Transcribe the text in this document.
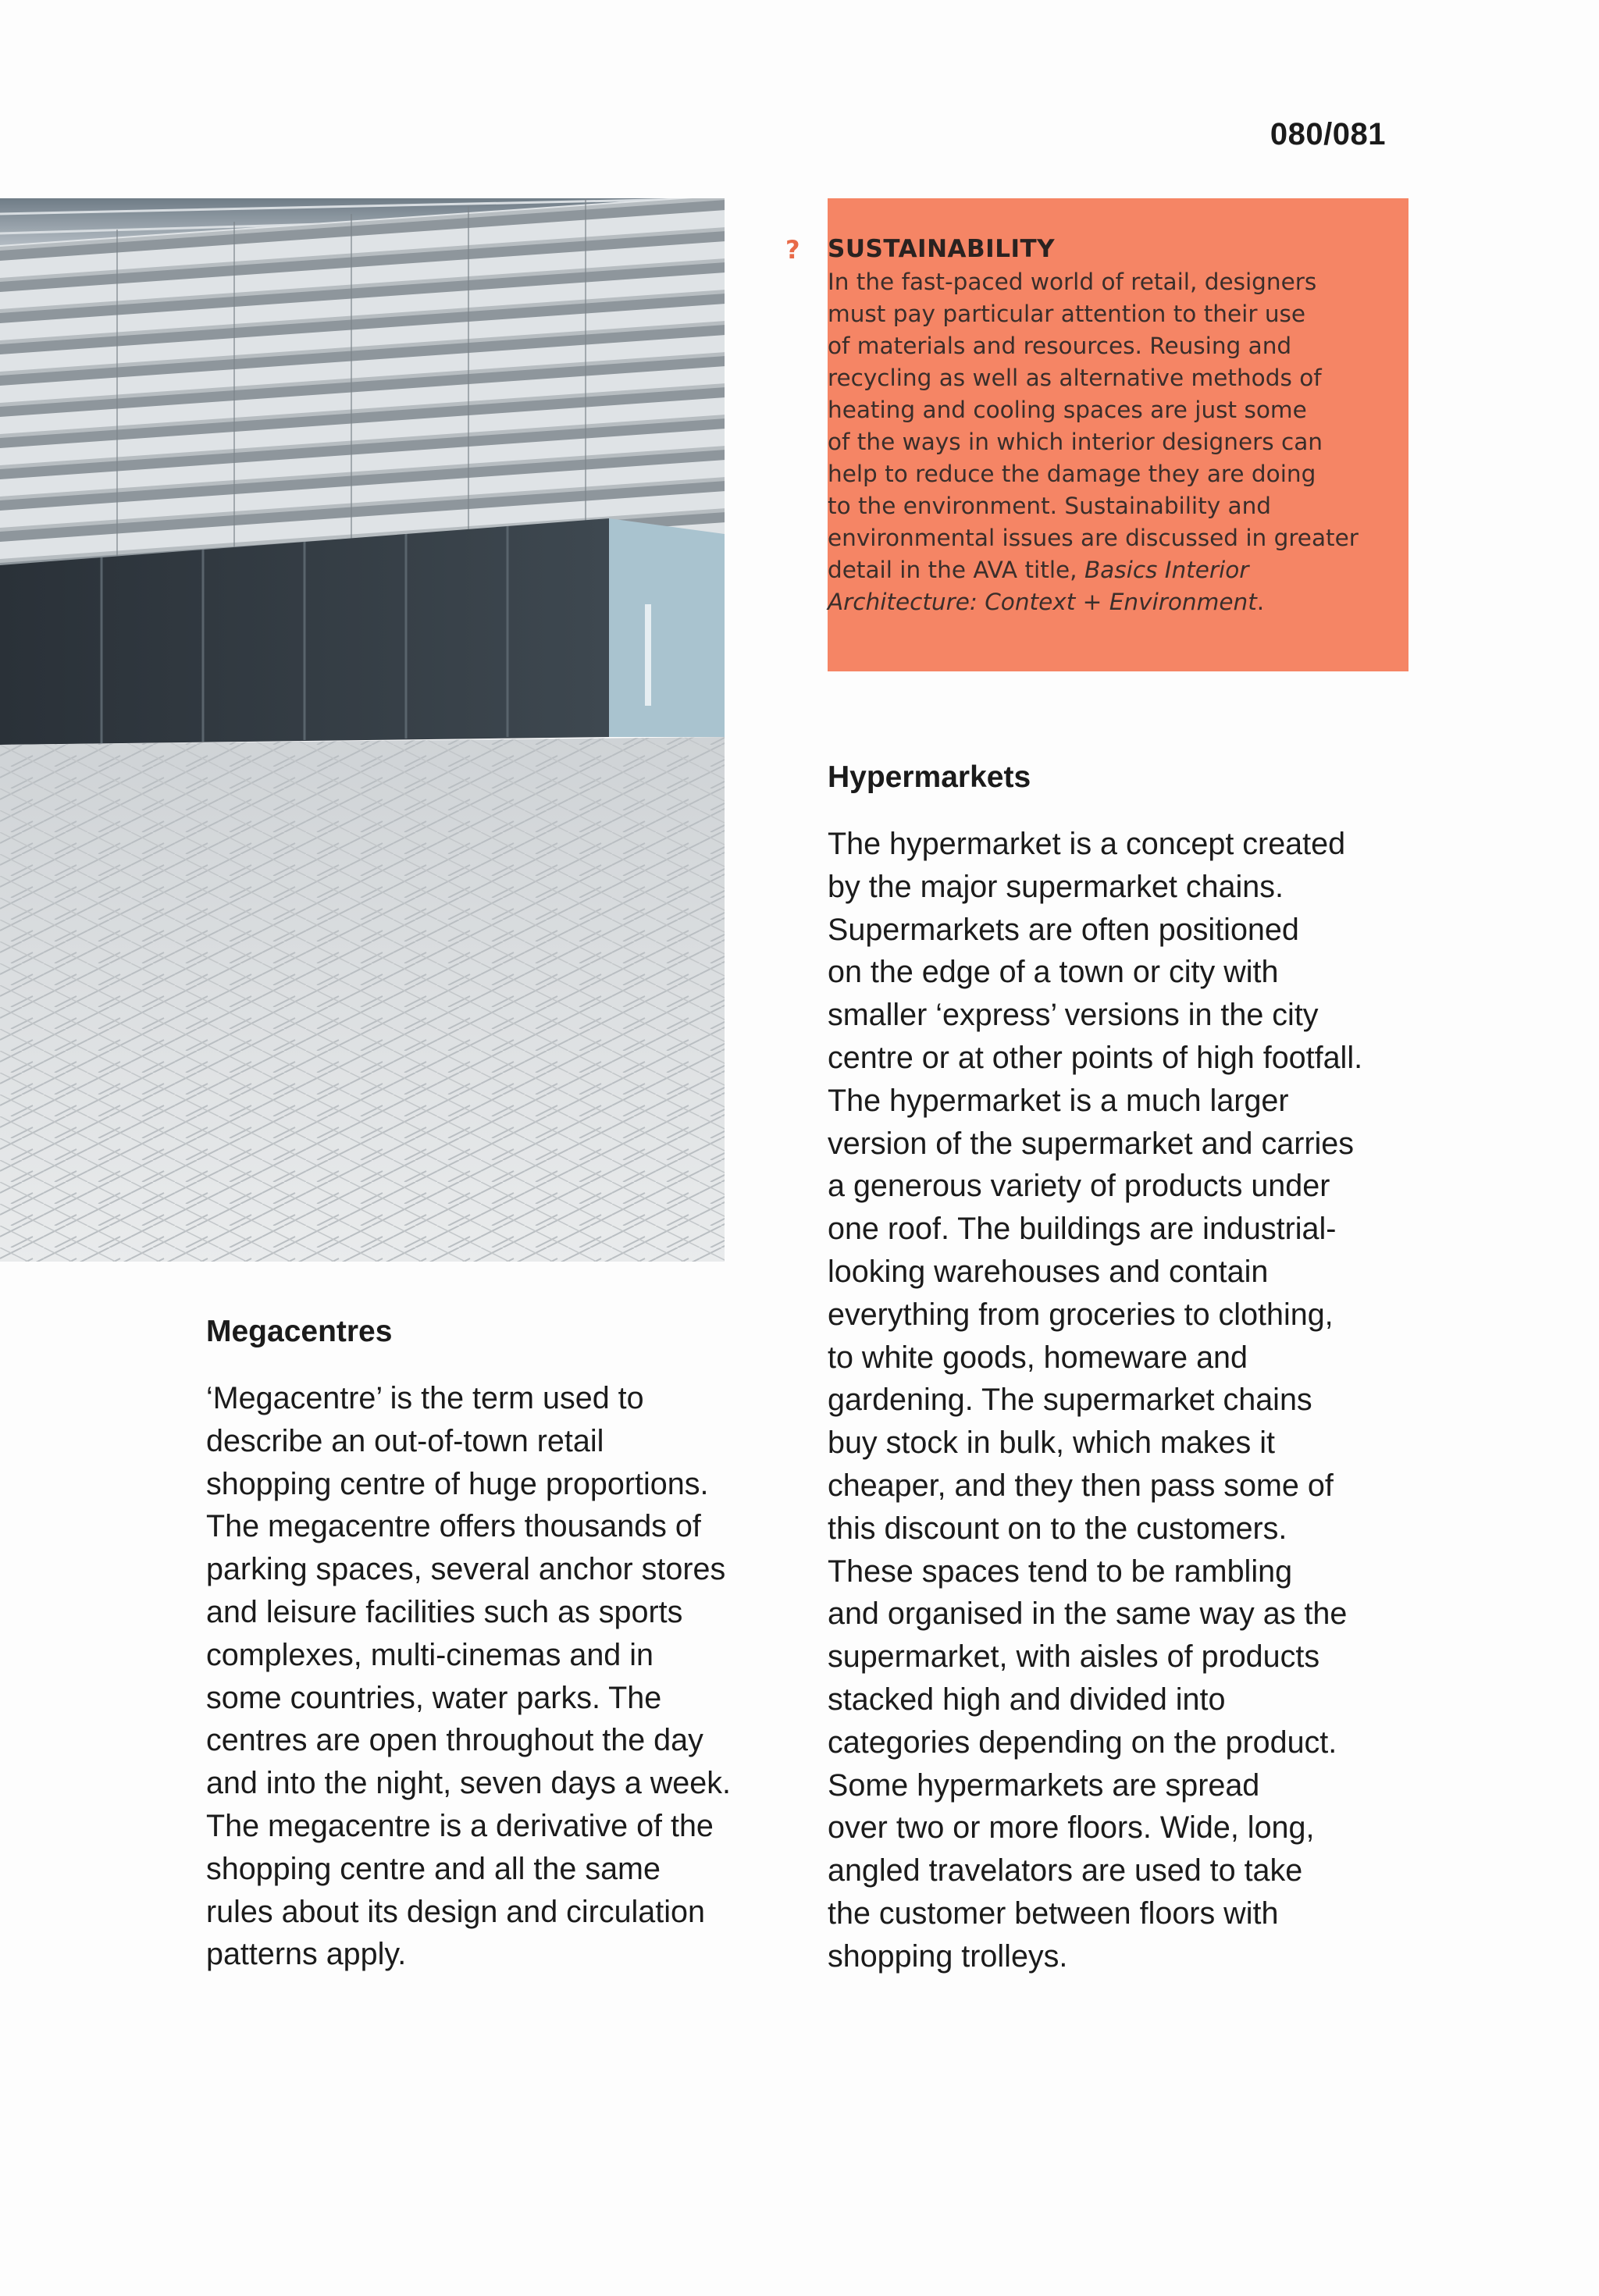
080/081
? SUSTAINABILITY

In the fast-paced world of retail, designers
must pay particular attention to their use
of materials and resources. Reusing and
recycling as well as alternative methods of
heating and cooling spaces are just some
of the ways in which interior designers can
help to reduce the damage they are doing
to the environment. Sustainability and
environmental issues are discussed in greater
detail in the AVA title, Basics Interior
Architecture: Context + Environment.

Hypermarkets

The hypermarket is a concept created
by the major supermarket chains.
Supermarkets are often positioned
on the edge of a town or city with
smaller ‘express’ versions in the city
centre or at other points of high footfall.
The hypermarket is a much larger
version of the supermarket and carries
a generous variety of products under
one roof. The buildings are industrial-
looking warehouses and contain
everything from groceries to clothing,
to white goods, homeware and
gardening. The supermarket chains
buy stock in bulk, which makes it
cheaper, and they then pass some of
this discount on to the customers.
These spaces tend to be rambling
and organised in the same way as the
supermarket, with aisles of products
stacked high and divided into
categories depending on the product.
Some hypermarkets are spread
over two or more floors. Wide, long,
angled travelators are used to take
the customer between floors with
shopping trolleys.

Megacentres

‘Megacentre’ is the term used to
describe an out-of-town retail
shopping centre of huge proportions.
The megacentre offers thousands of
parking spaces, several anchor stores
and leisure facilities such as sports
complexes, multi-cinemas and in
some countries, water parks. The
centres are open throughout the day
and into the night, seven days a week.
The megacentre is a derivative of the
shopping centre and all the same
rules about its design and circulation
patterns apply.
